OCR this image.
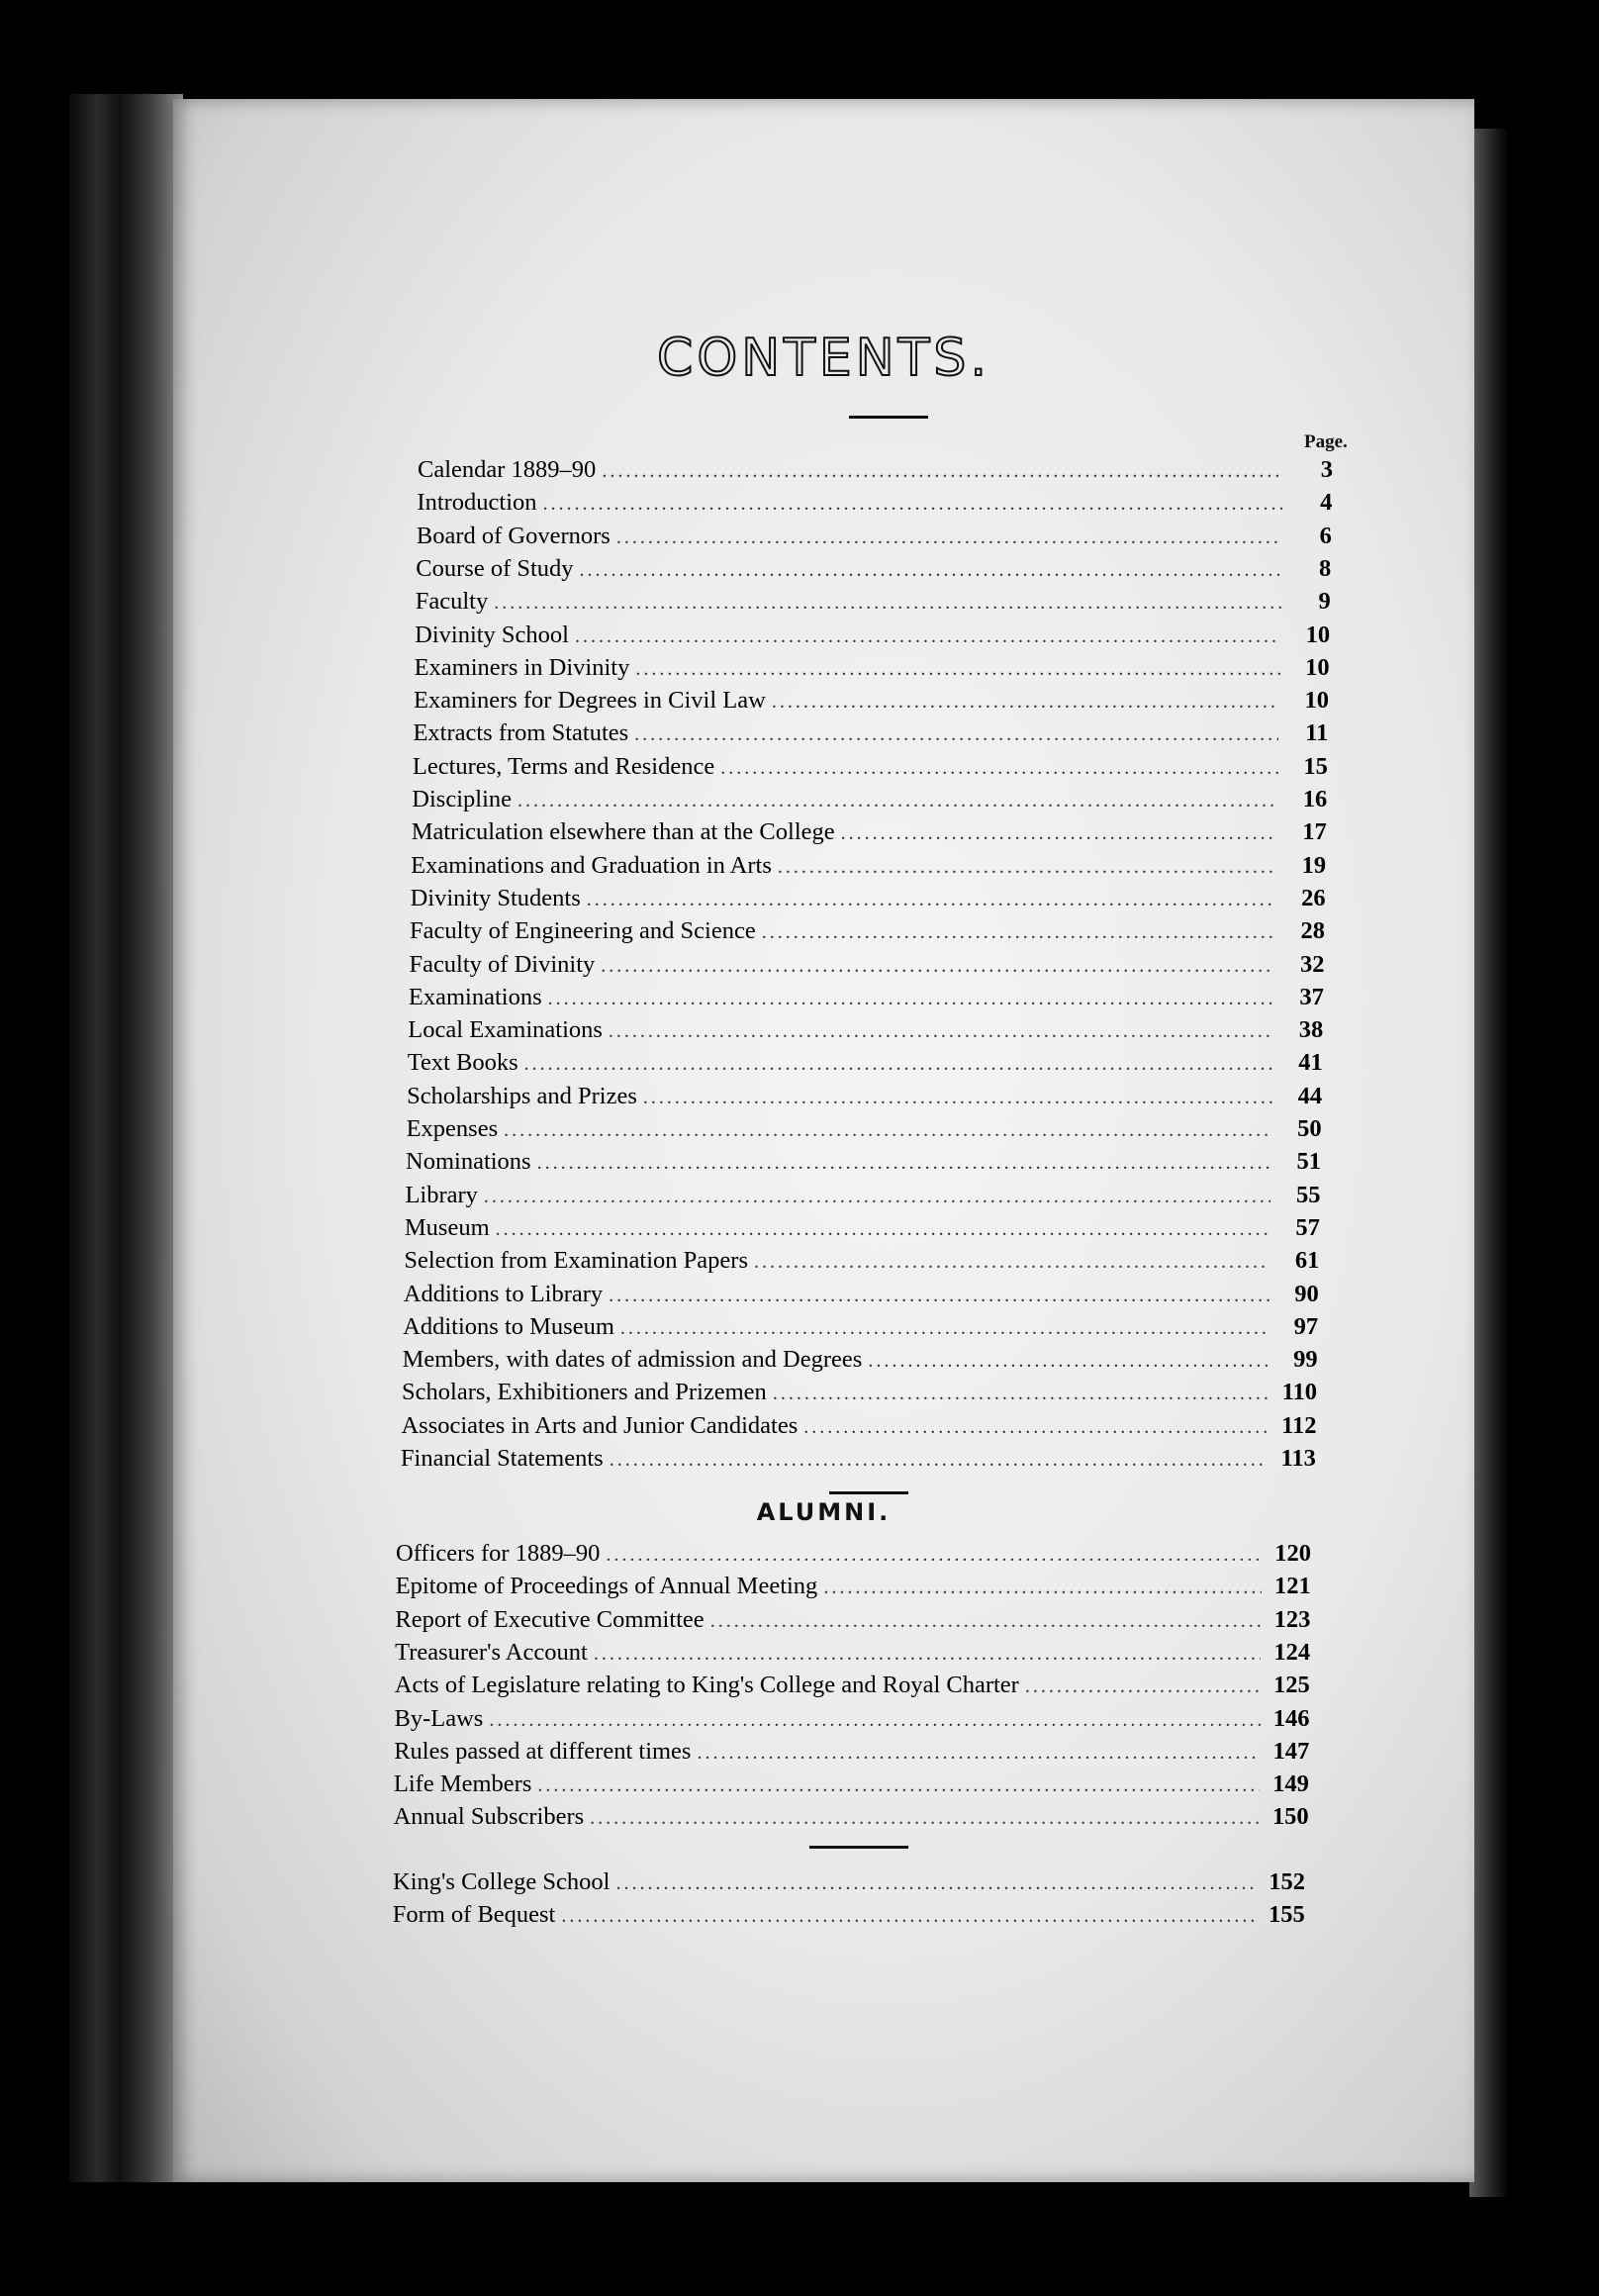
CONTENTS.
Page.
Calendar 1889–90 .....	3
Introduction .....	4
Board of Governors .....	6
Course of Study .....	8
Faculty .....	9
Divinity School .....	10
Examiners in Divinity .....	10
Examiners for Degrees in Civil Law .....	10
Extracts from Statutes .....	11
Lectures, Terms and Residence .....	15
Discipline .....	16
Matriculation elsewhere than at the College .....	17
Examinations and Graduation in Arts .....	19
Divinity Students .....	26
Faculty of Engineering and Science .....	28
Faculty of Divinity .....	32
Examinations .....	37
Local Examinations .....	38
Text Books .....	41
Scholarships and Prizes .....	44
Expenses .....	50
Nominations .....	51
Library .....	55
Museum .....	57
Selection from Examination Papers .....	61
Additions to Library .....	90
Additions to Museum .....	97
Members, with dates of admission and Degrees .....	99
Scholars, Exhibitioners and Prizemen .....	110
Associates in Arts and Junior Candidates .....	112
Financial Statements .....	113
ALUMNI.
Officers for 1889–90 .....	120
Epitome of Proceedings of Annual Meeting .....	121
Report of Executive Committee .....	123
Treasurer's Account .....	124
Acts of Legislature relating to King's College and Royal Charter .....	125
By-Laws .....	146
Rules passed at different times .....	147
Life Members .....	149
Annual Subscribers .....	150
King's College School .....	152
Form of Bequest .....	155
